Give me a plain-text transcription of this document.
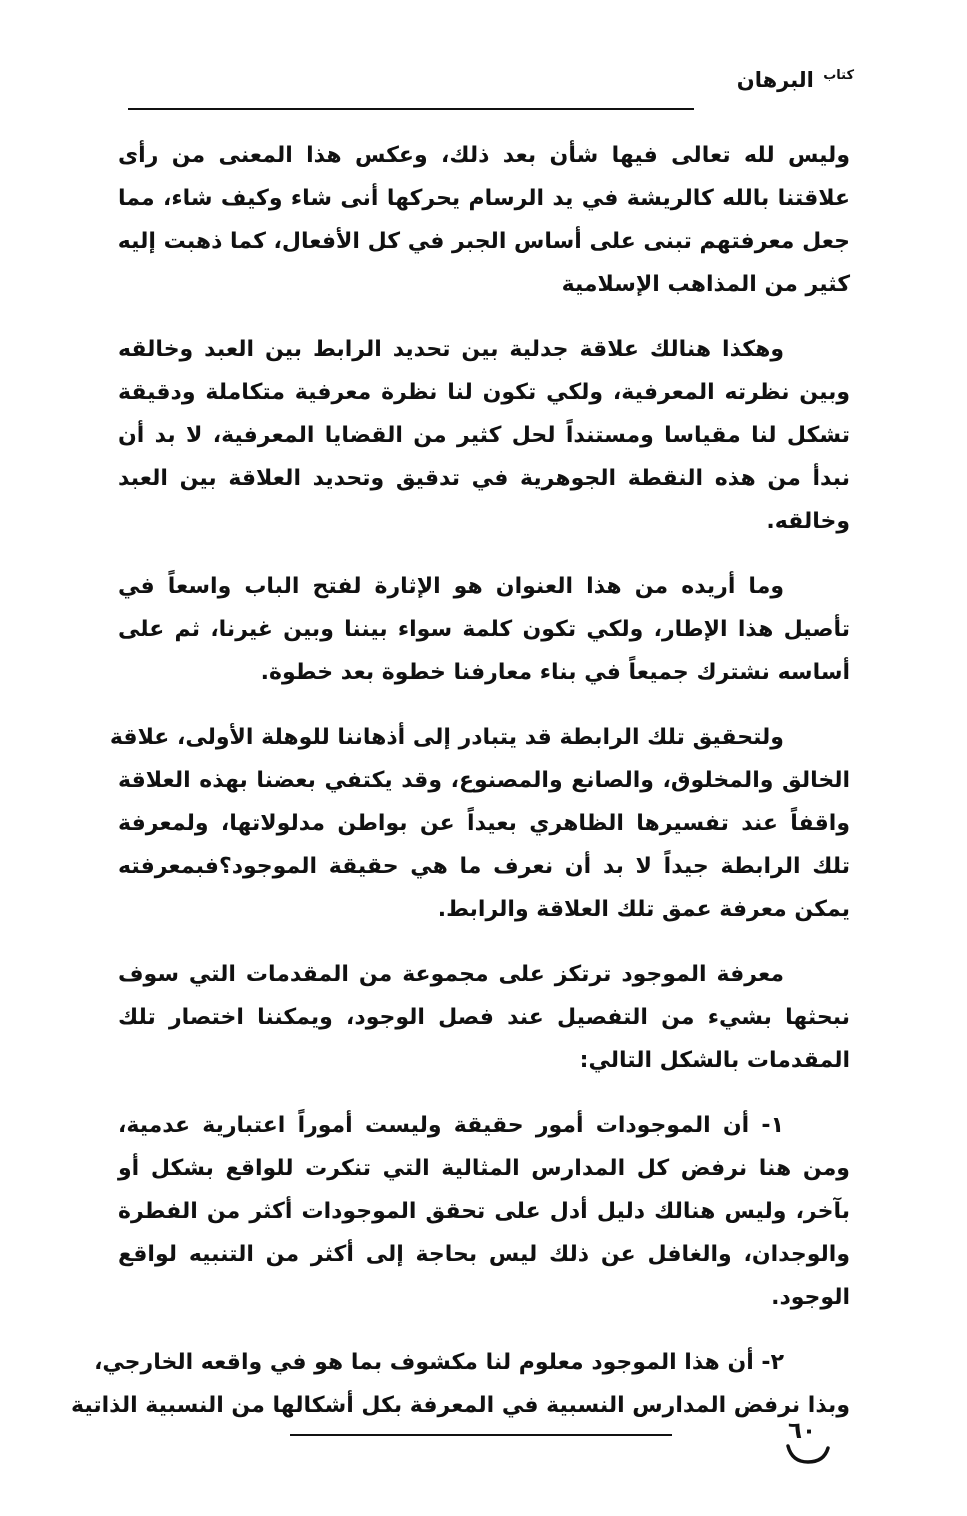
$^{كتاب}$ البرهان
وليس لله تعالى فيها شأن بعد ذلك، وعكس هذا المعنى من رأى
علاقتنا بالله كالريشة في يد الرسام يحركها أنى شاء وكيف شاء، مما
جعل معرفتهم تبنى على أساس الجبر في كل الأفعال، كما ذهبت إليه
كثير من المذاهب الإسلامية
وهكذا هنالك علاقة جدلية بين تحديد الرابط بين العبد وخالقه
وبين نظرته المعرفية، ولكي تكون لنا نظرة معرفية متكاملة ودقيقة
تشكل لنا مقياسا ومستنداً لحل كثير من القضايا المعرفية، لا بد أن
نبدأ من هذه النقطة الجوهرية في تدقيق وتحديد العلاقة بين العبد
وخالقه.
وما أريده من هذا العنوان هو الإثارة لفتح الباب واسعاً في
تأصيل هذا الإطار، ولكي تكون كلمة سواء بيننا وبين غيرنا، ثم على
أساسه نشترك جميعاً في بناء معارفنا خطوة بعد خطوة.
ولتحقيق تلك الرابطة قد يتبادر إلى أذهاننا للوهلة الأولى، علاقة
الخالق والمخلوق، والصانع والمصنوع، وقد يكتفي بعضنا بهذه العلاقة
واقفاً عند تفسيرها الظاهري بعيداً عن بواطن مدلولاتها، ولمعرفة
تلك الرابطة جيداً لا بد أن نعرف ما هي حقيقة الموجود؟فبمعرفته
يمكن معرفة عمق تلك العلاقة والرابط.
معرفة الموجود ترتكز على مجموعة من المقدمات التي سوف
نبحثها بشيء من التفصيل عند فصل الوجود، ويمكننا اختصار تلك
المقدمات بالشكل التالي:
١- أن الموجودات أمور حقيقة وليست أموراً اعتبارية عدمية،
ومن هنا نرفض كل المدارس المثالية التي تنكرت للواقع بشكل أو
بآخر، وليس هنالك دليل أدل على تحقق الموجودات أكثر من الفطرة
والوجدان، والغافل عن ذلك ليس بحاجة إلى أكثر من التنبيه لواقع
الوجود.
٢- أن هذا الموجود معلوم لنا مكشوف بما هو في واقعه الخارجي،
وبذا نرفض المدارس النسبية في المعرفة بكل أشكالها من النسبية الذاتية
٦٠
